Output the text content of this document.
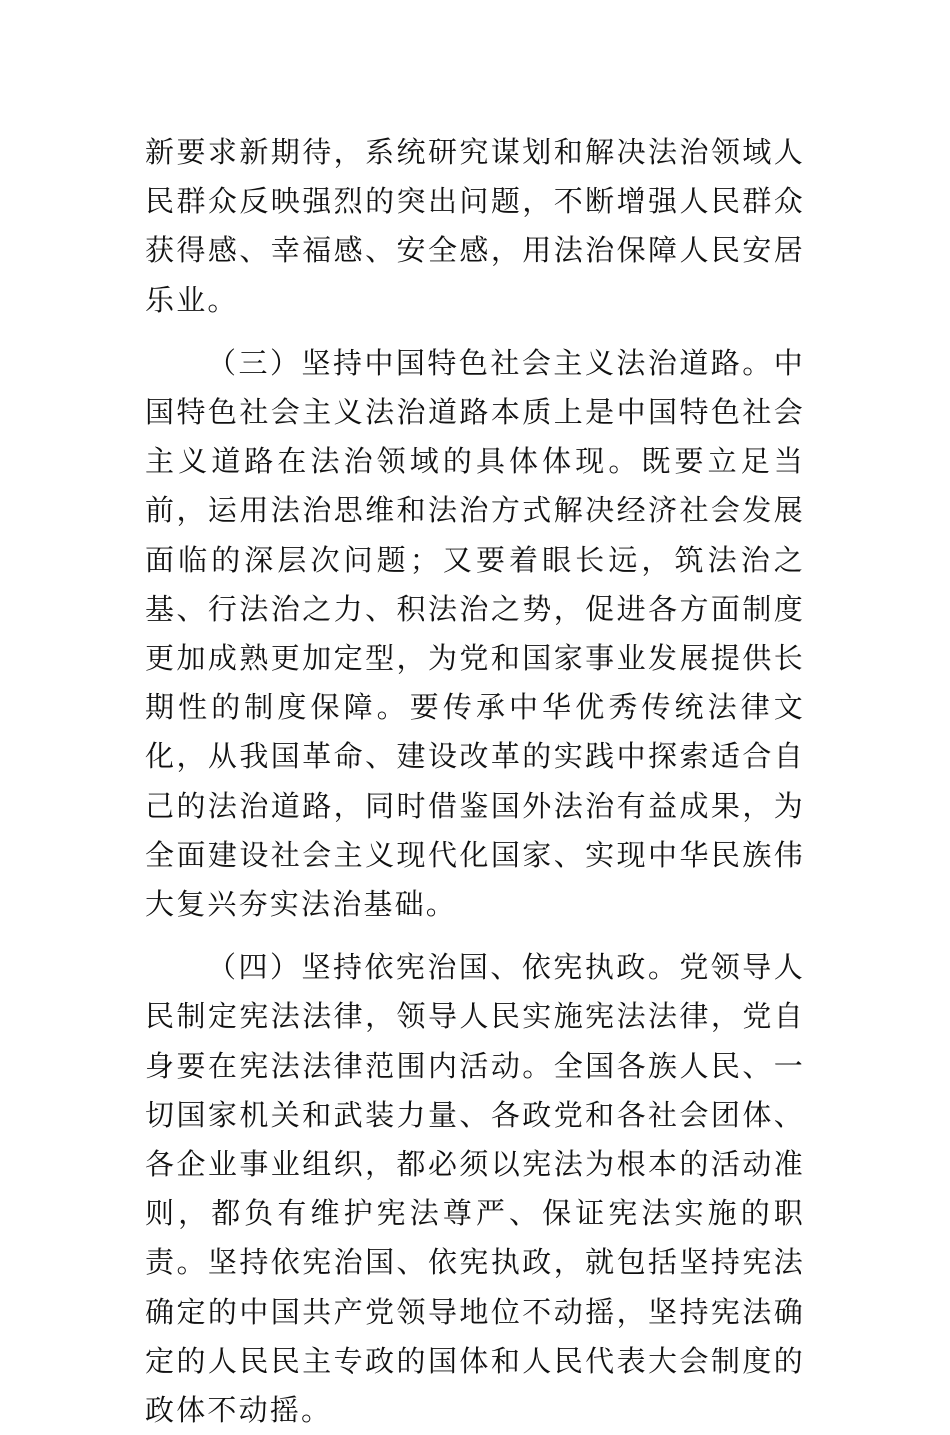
新要求新期待，系统研究谋划和解决法治领域人民群众反映强烈的突出问题，不断增强人民群众获得感、幸福感、安全感，用法治保障人民安居乐业。

（三）坚持中国特色社会主义法治道路。中国特色社会主义法治道路本质上是中国特色社会主义道路在法治领域的具体体现。既要立足当前，运用法治思维和法治方式解决经济社会发展面临的深层次问题；又要着眼长远，筑法治之基、行法治之力、积法治之势，促进各方面制度更加成熟更加定型，为党和国家事业发展提供长期性的制度保障。要传承中华优秀传统法律文化，从我国革命、建设改革的实践中探索适合自己的法治道路，同时借鉴国外法治有益成果，为全面建设社会主义现代化国家、实现中华民族伟大复兴夯实法治基础。

（四）坚持依宪治国、依宪执政。党领导人民制定宪法法律，领导人民实施宪法法律，党自身要在宪法法律范围内活动。全国各族人民、一切国家机关和武装力量、各政党和各社会团体、各企业事业组织，都必须以宪法为根本的活动准则，都负有维护宪法尊严、保证宪法实施的职责。坚持依宪治国、依宪执政，就包括坚持宪法确定的中国共产党领导地位不动摇，坚持宪法确定的人民民主专政的国体和人民代表大会制度的政体不动摇。
